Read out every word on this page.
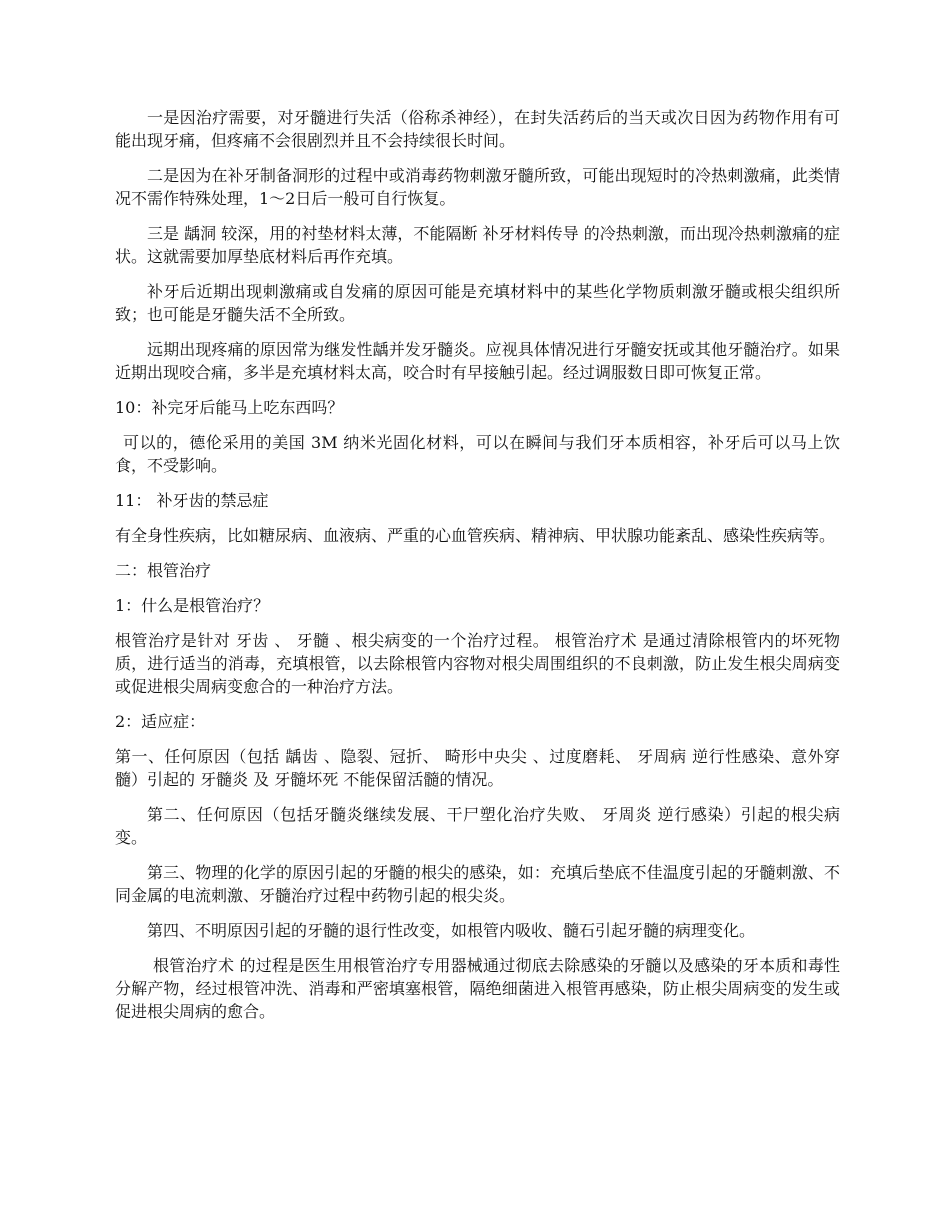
一是因治疗需要，对牙髓进行失活（俗称杀神经），在封失活药后的当天或次日因为药物作用有可能出现牙痛，但疼痛不会很剧烈并且不会持续很长时间。

二是因为在补牙制备洞形的过程中或消毒药物刺激牙髓所致，可能出现短时的冷热刺激痛，此类情况不需作特殊处理，1～2日后一般可自行恢复。

三是 龋洞 较深，用的衬垫材料太薄，不能隔断 补牙材料传导 的冷热刺激，而出现冷热刺激痛的症状。这就需要加厚垫底材料后再作充填。

补牙后近期出现刺激痛或自发痛的原因可能是充填材料中的某些化学物质刺激牙髓或根尖组织所致；也可能是牙髓失活不全所致。

远期出现疼痛的原因常为继发性龋并发牙髓炎。应视具体情况进行牙髓安抚或其他牙髓治疗。如果近期出现咬合痛，多半是充填材料太高，咬合时有早接触引起。经过调服数日即可恢复正常。

10：补完牙后能马上吃东西吗？

可以的，德伦采用的美国 3M 纳米光固化材料，可以在瞬间与我们牙本质相容，补牙后可以马上饮食，不受影响。

11： 补牙齿的禁忌症

有全身性疾病，比如糖尿病、血液病、严重的心血管疾病、精神病、甲状腺功能紊乱、感染性疾病等。

二：根管治疗

1：什么是根管治疗？

根管治疗是针对 牙齿 、 牙髓 、根尖病变的一个治疗过程。 根管治疗术 是通过清除根管内的坏死物质，进行适当的消毒，充填根管，以去除根管内容物对根尖周围组织的不良刺激，防止发生根尖周病变或促进根尖周病变愈合的一种治疗方法。

2：适应症：

第一、任何原因（包括 龋齿 、隐裂、冠折、 畸形中央尖 、过度磨耗、 牙周病 逆行性感染、意外穿髓）引起的 牙髓炎 及 牙髓坏死 不能保留活髓的情况。

第二、任何原因（包括牙髓炎继续发展、干尸塑化治疗失败、 牙周炎 逆行感染）引起的根尖病变。

第三、物理的化学的原因引起的牙髓的根尖的感染，如：充填后垫底不佳温度引起的牙髓刺激、不同金属的电流刺激、牙髓治疗过程中药物引起的根尖炎。

第四、不明原因引起的牙髓的退行性改变，如根管内吸收、髓石引起牙髓的病理变化。

根管治疗术 的过程是医生用根管治疗专用器械通过彻底去除感染的牙髓以及感染的牙本质和毒性分解产物，经过根管冲洗、消毒和严密填塞根管，隔绝细菌进入根管再感染，防止根尖周病变的发生或促进根尖周病的愈合。
